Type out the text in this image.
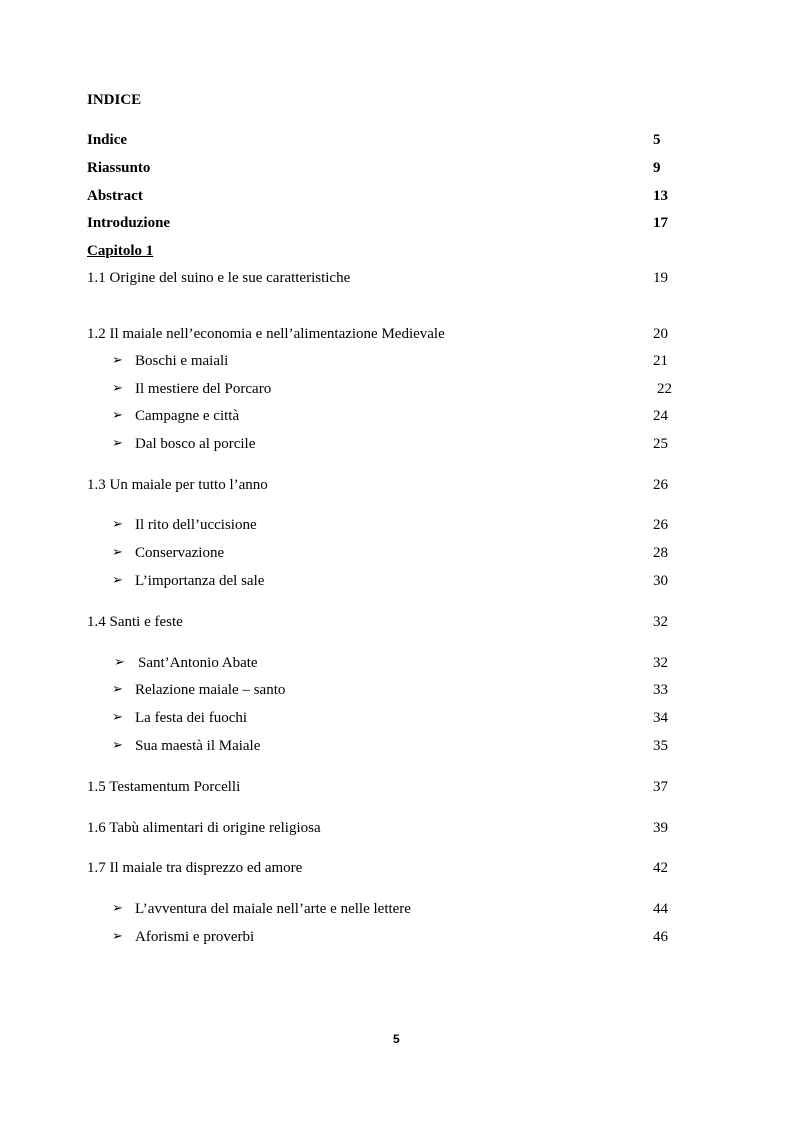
INDICE
Indice	5
Riassunto	9
Abstract	13
Introduzione	17
Capitolo 1
1.1 Origine del suino e le sue caratteristiche	19
1.2 Il maiale nell’economia e nell’alimentazione Medievale	20
➢ Boschi e maiali	21
➢ Il mestiere del Porcaro	22
➢ Campagne e città	24
➢ Dal bosco al porcile	25
1.3 Un maiale per tutto l’anno	26
➢ Il rito dell’uccisione	26
➢ Conservazione	28
➢ L’importanza del sale	30
1.4 Santi e feste	32
➢ Sant’Antonio Abate	32
➢ Relazione maiale – santo	33
➢ La festa dei fuochi	34
➢ Sua maestà il Maiale	35
1.5 Testamentum Porcelli	37
1.6 Tabù alimentari di origine religiosa	39
1.7 Il maiale tra disprezzo ed amore	42
➢ L’avventura del maiale nell’arte e nelle lettere	44
➢ Aforismi e proverbi	46
5
